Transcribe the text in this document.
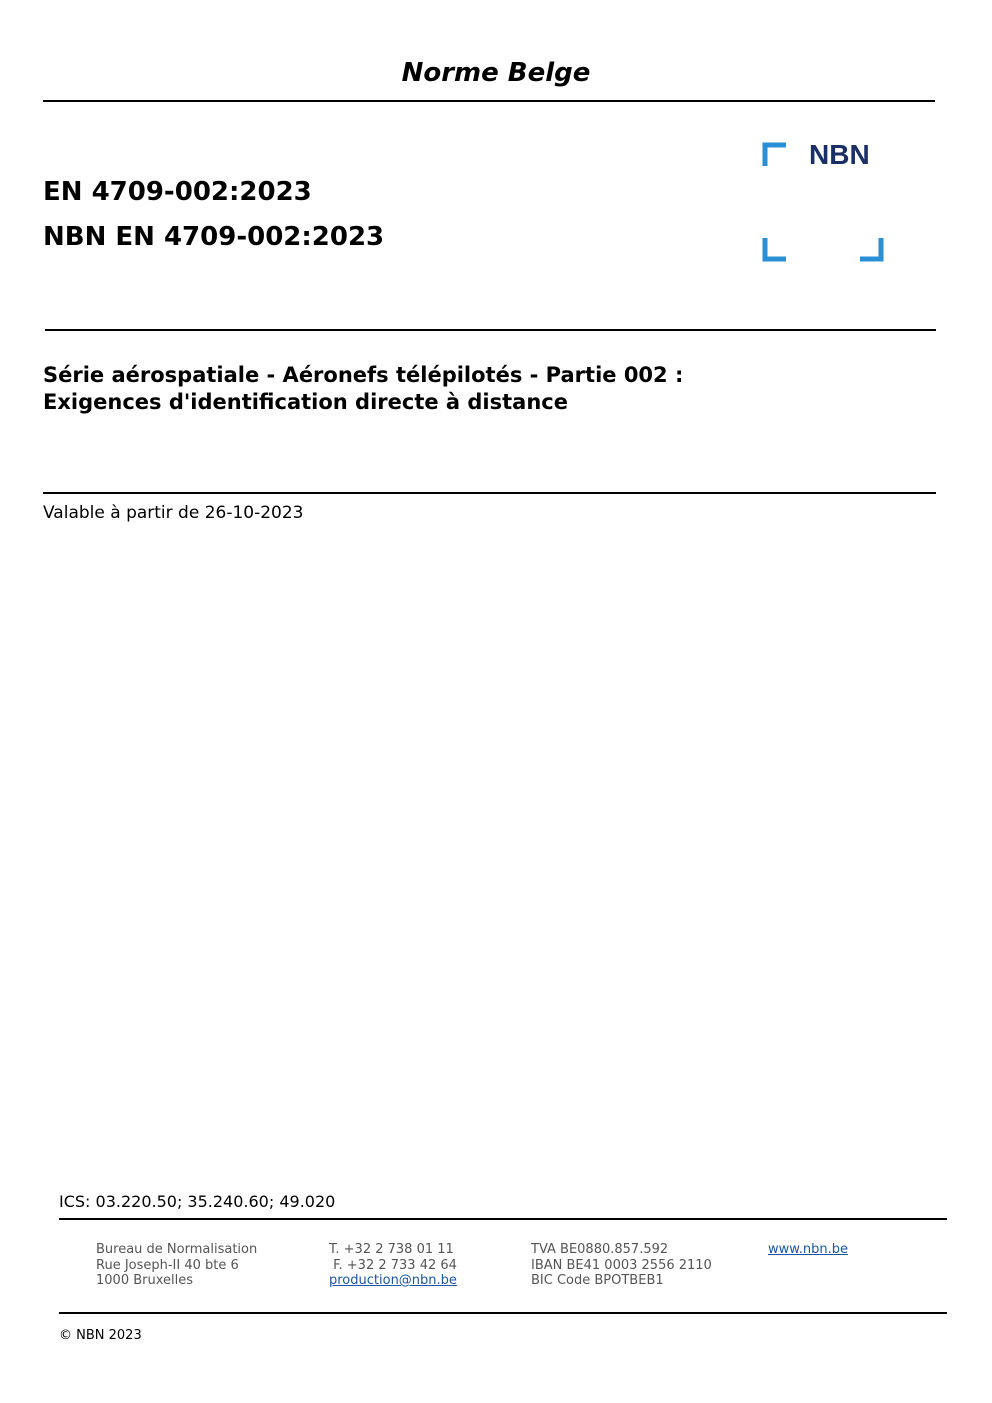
Norme Belge
EN 4709-002:2023
NBN EN 4709-002:2023
NBN
Série aérospatiale - Aéronefs télépilotés - Partie 002 :
Exigences d'identification directe à distance
Valable à partir de 26-10-2023
ICS: 03.220.50; 35.240.60; 49.020
Bureau de Normalisation
Rue Joseph-II 40 bte 6
1000 Bruxelles
T. +32 2 738 01 11
F. +32 2 733 42 64
production@nbn.be
TVA BE0880.857.592
IBAN BE41 0003 2556 2110
BIC Code BPOTBEB1
www.nbn.be
© NBN 2023
